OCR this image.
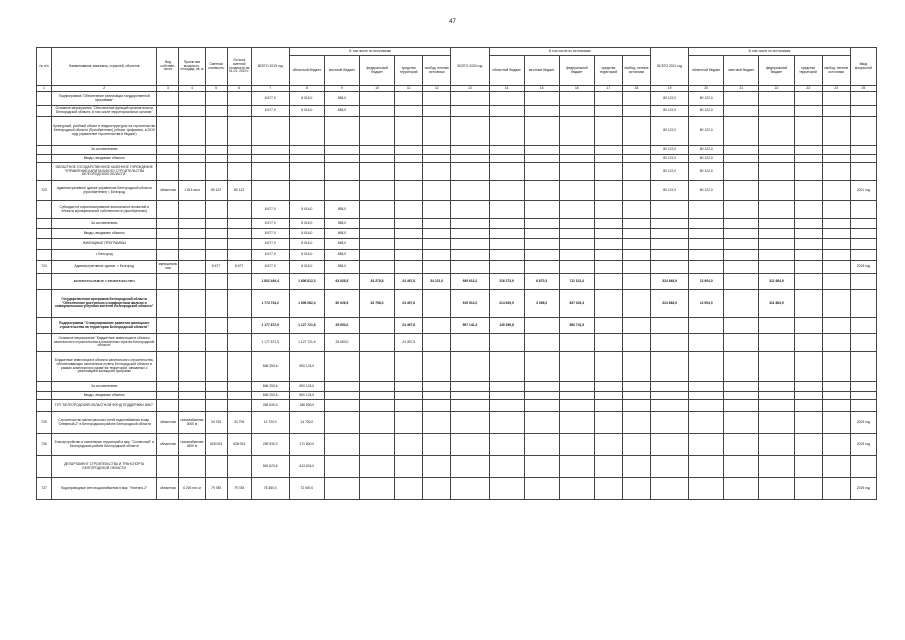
47
№ п/п	Наименование заказчика, отраслей, объектов	Вид собствен- ности	Проектная мощность, площадь, кв. м	Сметная стоимость	Остаток сметной стоимости на 01.01. 2019 г.	ВСЕГО 2019 год	В том числе по источникам					ВСЕГО 2020 год	В том числе по источникам					ВСЕГО 2021 год	В том числе по источникам					Ввод мощностей
							областной бюджет	местный бюджет	федеральный бюджет	средства территорий	свобод- ненные источники		областной бюджет	местный бюджет	федеральный бюджет	средства территорий	свобод- ненные источники		областной бюджет	местный бюджет	федеральный бюджет	средства территорий	свобод- ненные источники	
1	2	3	4	5	6	7	8	9	10	11	12	13	14	15	16	17	18	19	20	21	22	23	24	25
	Подпрограмма "Обеспечение реализации государственной программы"					8 677,0	8 016,0	658,0										80 122,0	80 122,0					
	Основное мероприятие "Обеспечение функций органов власти Белгородской области, в том числе территориальных органов"					8 677,0	8 016,0	658,0										80 122,0	80 122,0					
	Культурный, учебный объект в инфраструктурах на строительство Белгородской области (Приобретение) (объект Цифровых, в 2019 году управление строительства в бюджет)																	80 122,0	80 122,0					
	За составлением																	80 122,0	80 122,0					
	Вводы, вводимые объекты																	80 122,0	80 122,0					
	ОБЛАСТНОЕ ГОСУДАРСТВЕННОЕ КАЗЕННОЕ УЧРЕЖДЕНИЕ "УПРАВЛЕНИЕ КАПИТАЛЬНОГО СТРОИТЕЛЬСТВА БЕЛГОРОДСКОЙ ОБЛАСТИ"																	80 122,0	80 122,0					
723	Административное здание управления Белгородской области (приобретение) г. Белгород	областная	1 614 кв.м	80 122	80 122													80 122,0	80 122,0					2021 год
	Субсидии на софинансирование капитальных вложений в объекты муниципальной собственности (приобретение)					8 677,0	8 016,0	658,0																
	За составлением					8 677,0	8 016,0	658,0																
	Вводы, вводимые объекты					8 677,0	8 016,0	658,0																
	ЖИЛИЩНЫЕ ПРОГРАММЫ					8 677,0	8 016,0	658,0																
	г. Белгород					8 677,0	8 016,0	658,0																
724	Административное здание, г. Белгород	муниципальная		8 677	8 677	8 677,0	8 016,0	658,0																2019 год
	КОММУНАЛЬНОЕ СТРОИТЕЛЬСТВО					1 802 449,4	1 606 812,3	63 626,5	81 279,8	24 497,8	34 121,0	939 613,2	216 273,9	6 670,3	711 101,4			324 648,9	12 904,0		311 664,9			
	Государственная программа Белгородской области "Обеспечение доступным и комфортным жильем и коммунальными услугами жителей Белгородской области"					1 774 734,2	1 606 082,4	60 626,5	62 758,3	24 497,8		919 913,2	214 629,9	3 266,0	637 023,3			324 648,9	12 904,0		311 664,9			
	Подпрограмма "Стимулирование развития жилищного строительства на территории Белгородской области"					1 177 872,9	1 127 721,6	25 653,0		24 497,8		597 141,3	145 399,8		580 741,5									
	Основное мероприятие "Бюджетные инвестиции в объекты капитального строительства в населенных пунктах Белгородской области"					1 177 872,9	1 127 721,6	25 653,0		24 497,8														
	Бюджетные инвестиции в объекты капитального строительства, обеспечивающих населенные пункты Белгородской области в рамках комплексного развития территорий, связанных с реализацией жилищных программ					846 253,6	800 124,0																	
	За составлением					846 253,6	800 124,0																	
	Вводы, вводимые объекты					846 253,6	800 124,0																	
	ГУП "БЕЛГОРОДСКИЙ ОБЛАСТНОЙ ФОНД ПОДДЕРЖКИ ИЖС"					284 630,0	186 500,0																	
725	Строительство магистральных сетей водоснабжения в мкр. "Северный-2" в Белгородском районе Белгородской области	областная	газоснабжение 3000 м	34 705	34 705	14 700,0	14 700,0																	2019 год
726	Благоустройство и озеленение территорий в мкр. "Солнечный" в Белгородском районе Белгородской области	областная	газоснабжение 4500 м	628 003	628 003	269 930,0	171 800,0																	2019 год
	ДЕПАРТАМЕНТ СТРОИТЕЛЬСТВА И ТРАНСПОРТА БЕЛГОРОДСКОЙ ОБЛАСТИ					561 623,6	613 624,0																	
727	Водопроводные сети водоснабжения в мкр. "Улитино-2"	областная	6 200 пог. м	79 785	79 785	76 380,0	72 500,0																	2019 год
